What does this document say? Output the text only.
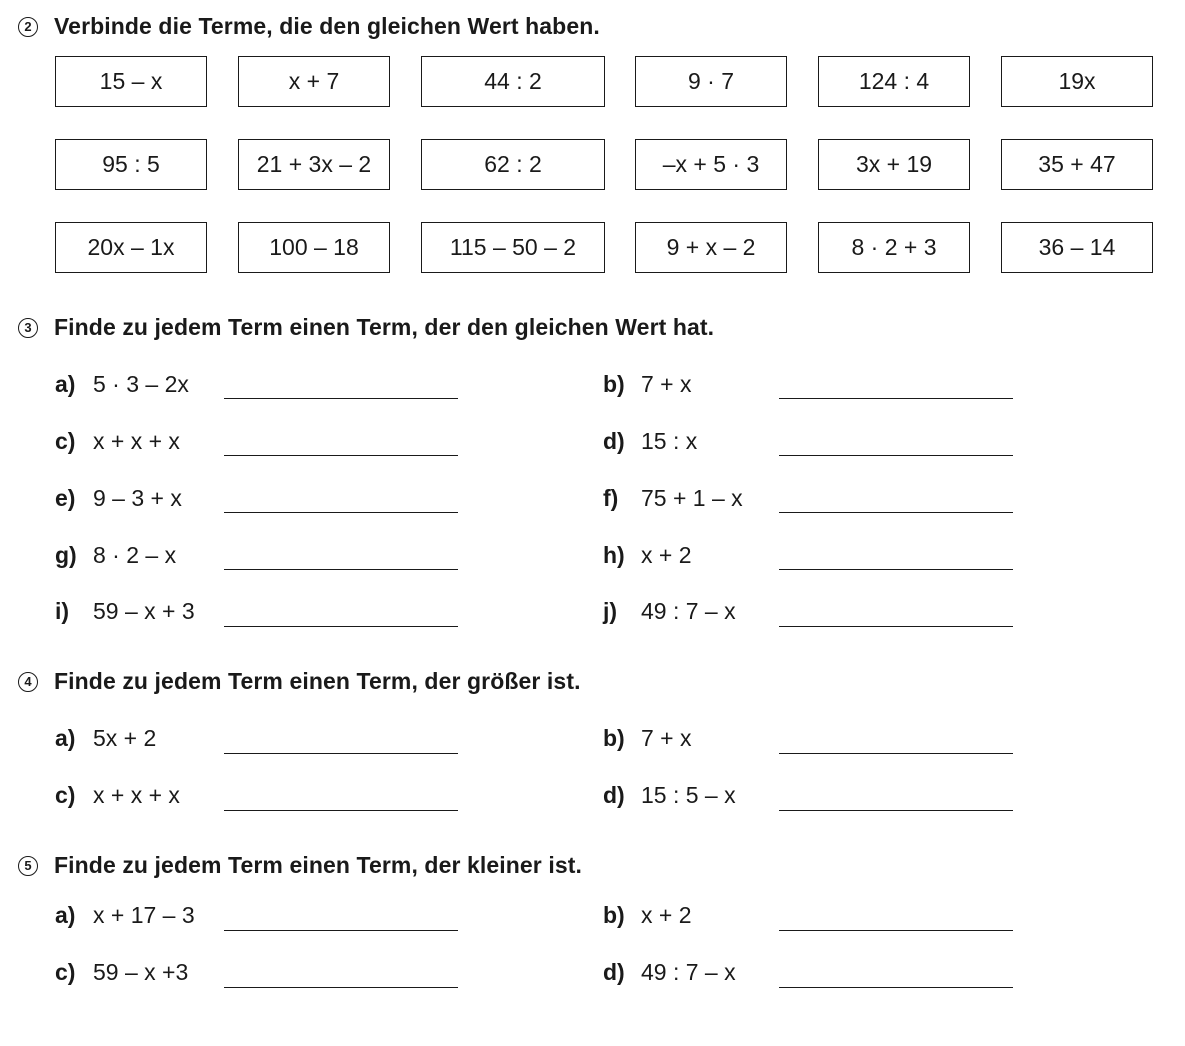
2 Verbinde die Terme, die den gleichen Wert haben.
15 – x	x + 7	44 : 2	9 · 7	124 : 4	19x
95 : 5	21 + 3x – 2	62 : 2	–x + 5 · 3	3x + 19	35 + 47
20x – 1x	100 – 18	115 – 50 – 2	9 + x – 2	8 · 2 + 3	36 – 14
3 Finde zu jedem Term einen Term, der den gleichen Wert hat.
a) 5 · 3 – 2x
c) x + x + x
e) 9 – 3 + x
g) 8 · 2 – x
i)	59 – x + 3
b) 7 + x
d) 15 : x
f) 75 + 1 – x
h) x + 2
j)	49 : 7 – x
4 Finde zu jedem Term einen Term, der größer ist.
a) 5x + 2
c) x + x + x
b) 7 + x
d) 15 : 5 – x
5 Finde zu jedem Term einen Term, der kleiner ist.
a) x + 17 – 3
c) 59 – x +3
b) x + 2
d) 49 : 7 – x
